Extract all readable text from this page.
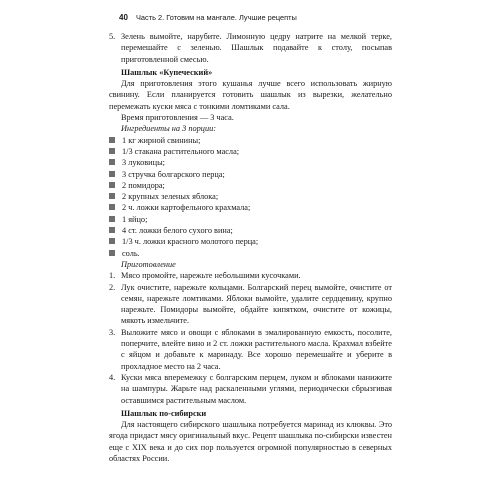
40 Часть 2. Готовим на мангале. Лучшие рецепты
5. Зелень вымойте, нарубите. Лимонную цедру натрите на мелкой терке, перемешайте с зеленью. Шашлык подавайте к столу, посыпав приготовленной смесью.

Шашлык «Купеческий»

Для приготовления этого кушанья лучше всего использовать жирную свинину. Если планируется готовить шашлык из вырезки, желательно перемежать куски мяса с тонкими ломтиками сала.

Время приготовления — 3 часа.

Ингредиенты на 3 порции:

1 кг жирной свинины;
1/3 стакана растительного масла;
3 луковицы;
3 стручка болгарского перца;
2 помидора;
2 крупных зеленых яблока;
2 ч. ложки картофельного крахмала;
1 яйцо;
4 ст. ложки белого сухого вина;
1/3 ч. ложки красного молотого перца;
соль.

Приготовление

1. Мясо промойте, нарежьте небольшими кусочками.
2. Лук очистите, нарежьте кольцами. Болгарский перец вымойте, очистите от семян, нарежьте ломтиками. Яблоки вымойте, удалите сердцевину, крупно нарежьте. Помидоры вымойте, обдайте кипятком, очистите от кожицы, мякоть измельчите.
3. Выложите мясо и овощи с яблоками в эмалированную емкость, посолите, поперчите, влейте вино и 2 ст. ложки растительного масла. Крахмал взбейте с яйцом и добавьте к маринаду. Все хорошо перемешайте и уберите в прохладное место на 2 часа.
4. Куски мяса вперемежку с болгарским перцем, луком и яблоками нанижите на шампуры. Жарьте над раскаленными углями, периодически сбрызгивая оставшимся растительным маслом.

Шашлык по-сибирски

Для настоящего сибирского шашлыка потребуется маринад из клюквы. Это ягода придаст мясу оригинальный вкус. Рецепт шашлыка по-сибирски известен еще с XIX века и до сих пор пользуется огромной популярностью в северных областях России.
